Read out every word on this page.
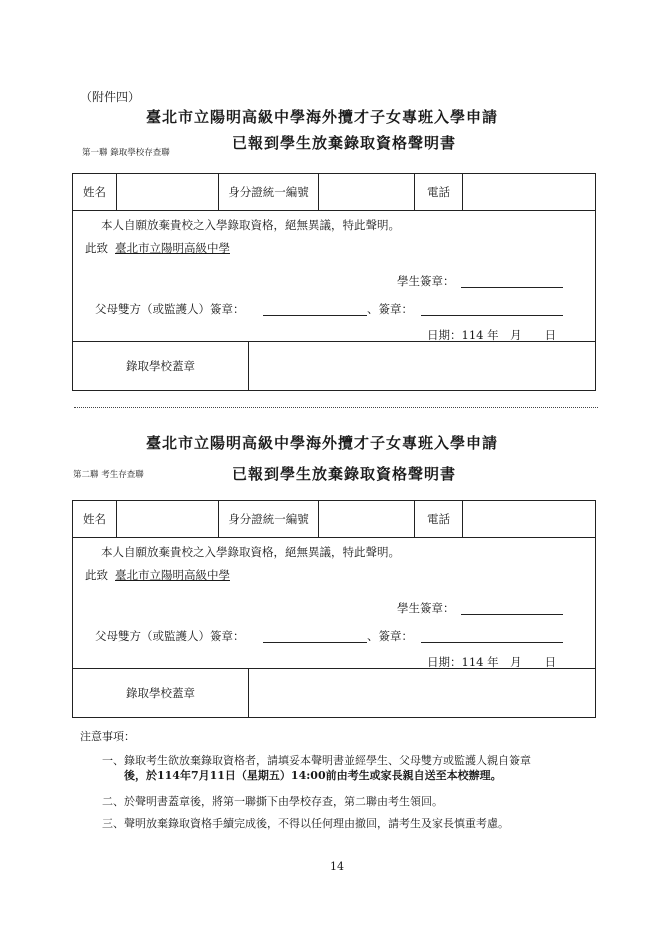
（附件四）
臺北市立陽明高級中學海外攬才子女專班入學申請
已報到學生放棄錄取資格聲明書
第一聯 錄取學校存查聯
姓名	身分證統一編號	電話
本人自願放棄貴校之入學錄取資格，絕無異議，特此聲明。
此致 臺北市立陽明高級中學
學生簽章：
父母雙方（或監護人）簽章：	、簽章：
日期：114 年　月　　日
錄取學校蓋章
臺北市立陽明高級中學海外攬才子女專班入學申請
已報到學生放棄錄取資格聲明書
第二聯 考生存查聯
姓名	身分證統一編號	電話
本人自願放棄貴校之入學錄取資格，絕無異議，特此聲明。
此致 臺北市立陽明高級中學
學生簽章：
父母雙方（或監護人）簽章：	、簽章：
日期：114 年　月　　日
錄取學校蓋章
注意事項：
一、 錄取考生欲放棄錄取資格者，請填妥本聲明書並經學生、父母雙方或監護人親自簽章
後，於114年7月11日（星期五）14:00前由考生或家長親自送至本校辦理。
二、 於聲明書蓋章後，將第一聯撕下由學校存查，第二聯由考生領回。
三、 聲明放棄錄取資格手續完成後，不得以任何理由撤回，請考生及家長慎重考慮。
14
